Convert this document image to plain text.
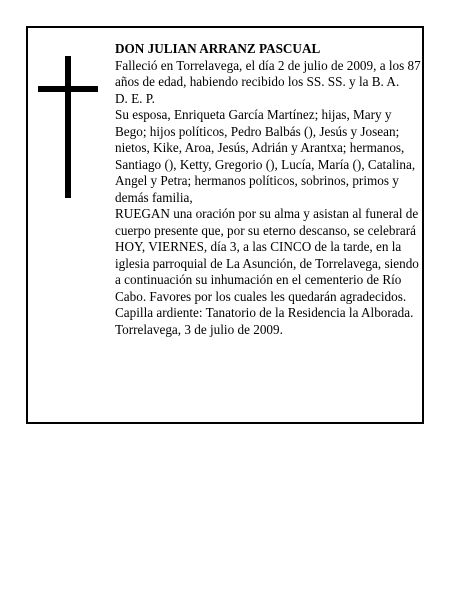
DON JULIAN ARRANZ PASCUAL

Falleció en Torrelavega, el día 2 de julio de 2009, a los 87 años de edad, habiendo recibido los SS. SS. y la B. A.

D. E. P.

Su esposa, Enriqueta García Martínez; hijas, Mary y Bego; hijos políticos, Pedro Balbás (), Jesús y Josean; nietos, Kike, Aroa, Jesús, Adrián y Arantxa; hermanos, Santiago (), Ketty, Gregorio (), Lucía, María (), Catalina, Angel y Petra; hermanos políticos, sobrinos, primos y demás familia,

RUEGAN una oración por su alma y asistan al funeral de cuerpo presente que, por su eterno descanso, se celebrará HOY, VIERNES, día 3, a las CINCO de la tarde, en la iglesia parroquial de La Asunción, de Torrelavega, siendo a continuación su inhumación en el cementerio de Río Cabo. Favores por los cuales les quedarán agradecidos. Capilla ardiente: Tanatorio de la Residencia la Alborada.

Torrelavega, 3 de julio de 2009.
